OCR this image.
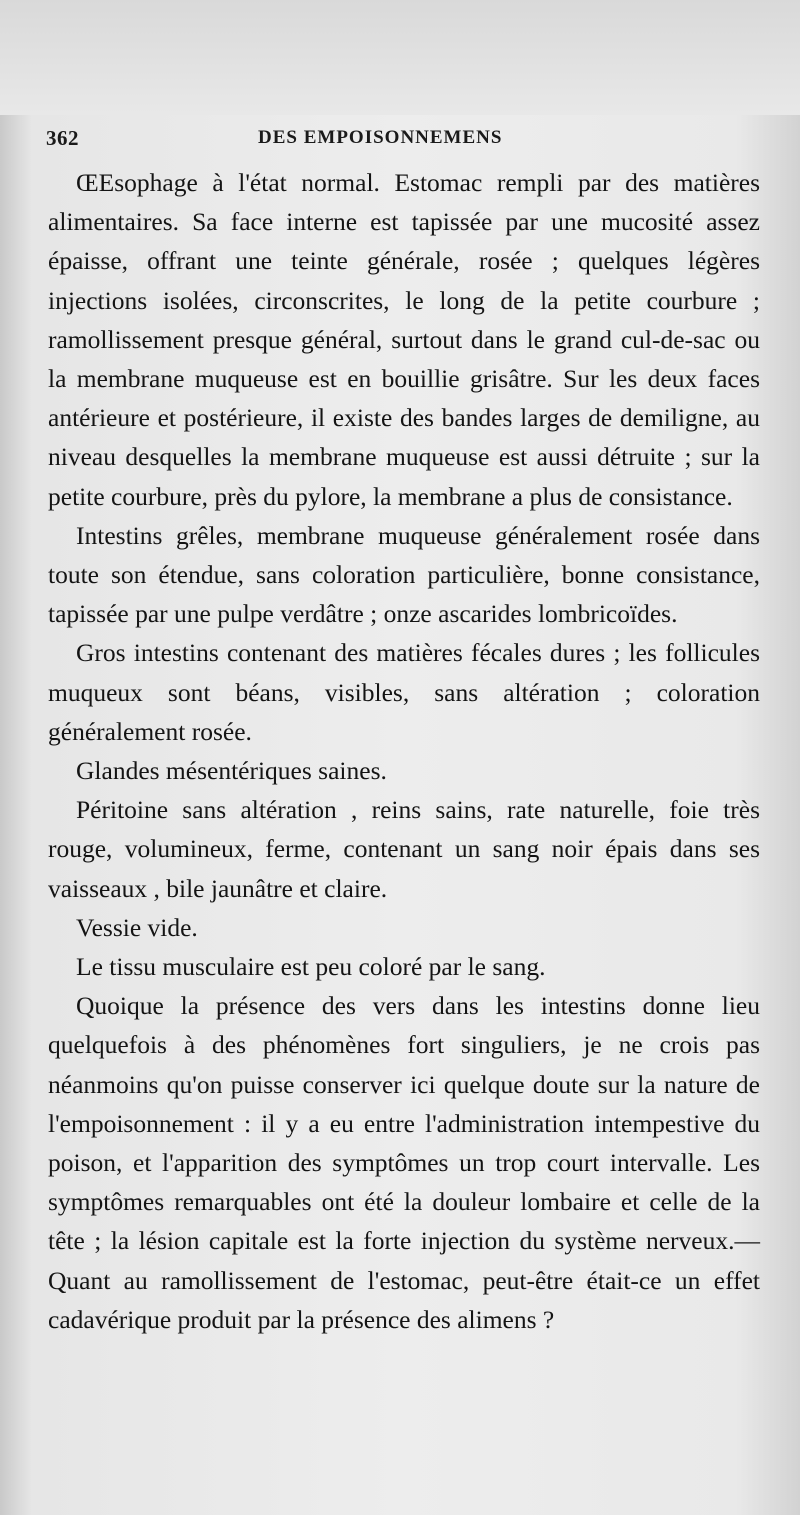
362	DES EMPOISONNEMENS

ŒEsophage à l'état normal. Estomac rempli par des matières alimentaires. Sa face interne est tapissée par une mucosité assez épaisse, offrant une teinte générale, rosée ; quelques légères injections isolées, circonscrites, le long de la petite courbure ; ramollissement presque général, surtout dans le grand cul-de-sac ou la membrane muqueuse est en bouillie grisâtre. Sur les deux faces antérieure et postérieure, il existe des bandes larges de demiligne, au niveau desquelles la membrane muqueuse est aussi détruite ; sur la petite courbure, près du pylore, la membrane a plus de consistance.

Intestins grêles, membrane muqueuse généralement rosée dans toute son étendue, sans coloration particulière, bonne consistance, tapissée par une pulpe verdâtre ; onze ascarides lombricoïdes.

Gros intestins contenant des matières fécales dures ; les follicules muqueux sont béans, visibles, sans altération ; coloration généralement rosée.

Glandes mésentériques saines.

Péritoine sans altération , reins sains, rate naturelle, foie très rouge, volumineux, ferme, contenant un sang noir épais dans ses vaisseaux , bile jaunâtre et claire.

Vessie vide.

Le tissu musculaire est peu coloré par le sang.

Quoique la présence des vers dans les intestins donne lieu quelquefois à des phénomènes fort singuliers, je ne crois pas néanmoins qu'on puisse conserver ici quelque doute sur la nature de l'empoisonnement : il y a eu entre l'administration intempestive du poison, et l'apparition des symptômes un trop court intervalle. Les symptômes remarquables ont été la douleur lombaire et celle de la tête ; la lésion capitale est la forte injection du système nerveux.— Quant au ramollissement de l'estomac, peut-être était-ce un effet cadavérique produit par la présence des alimens ?
